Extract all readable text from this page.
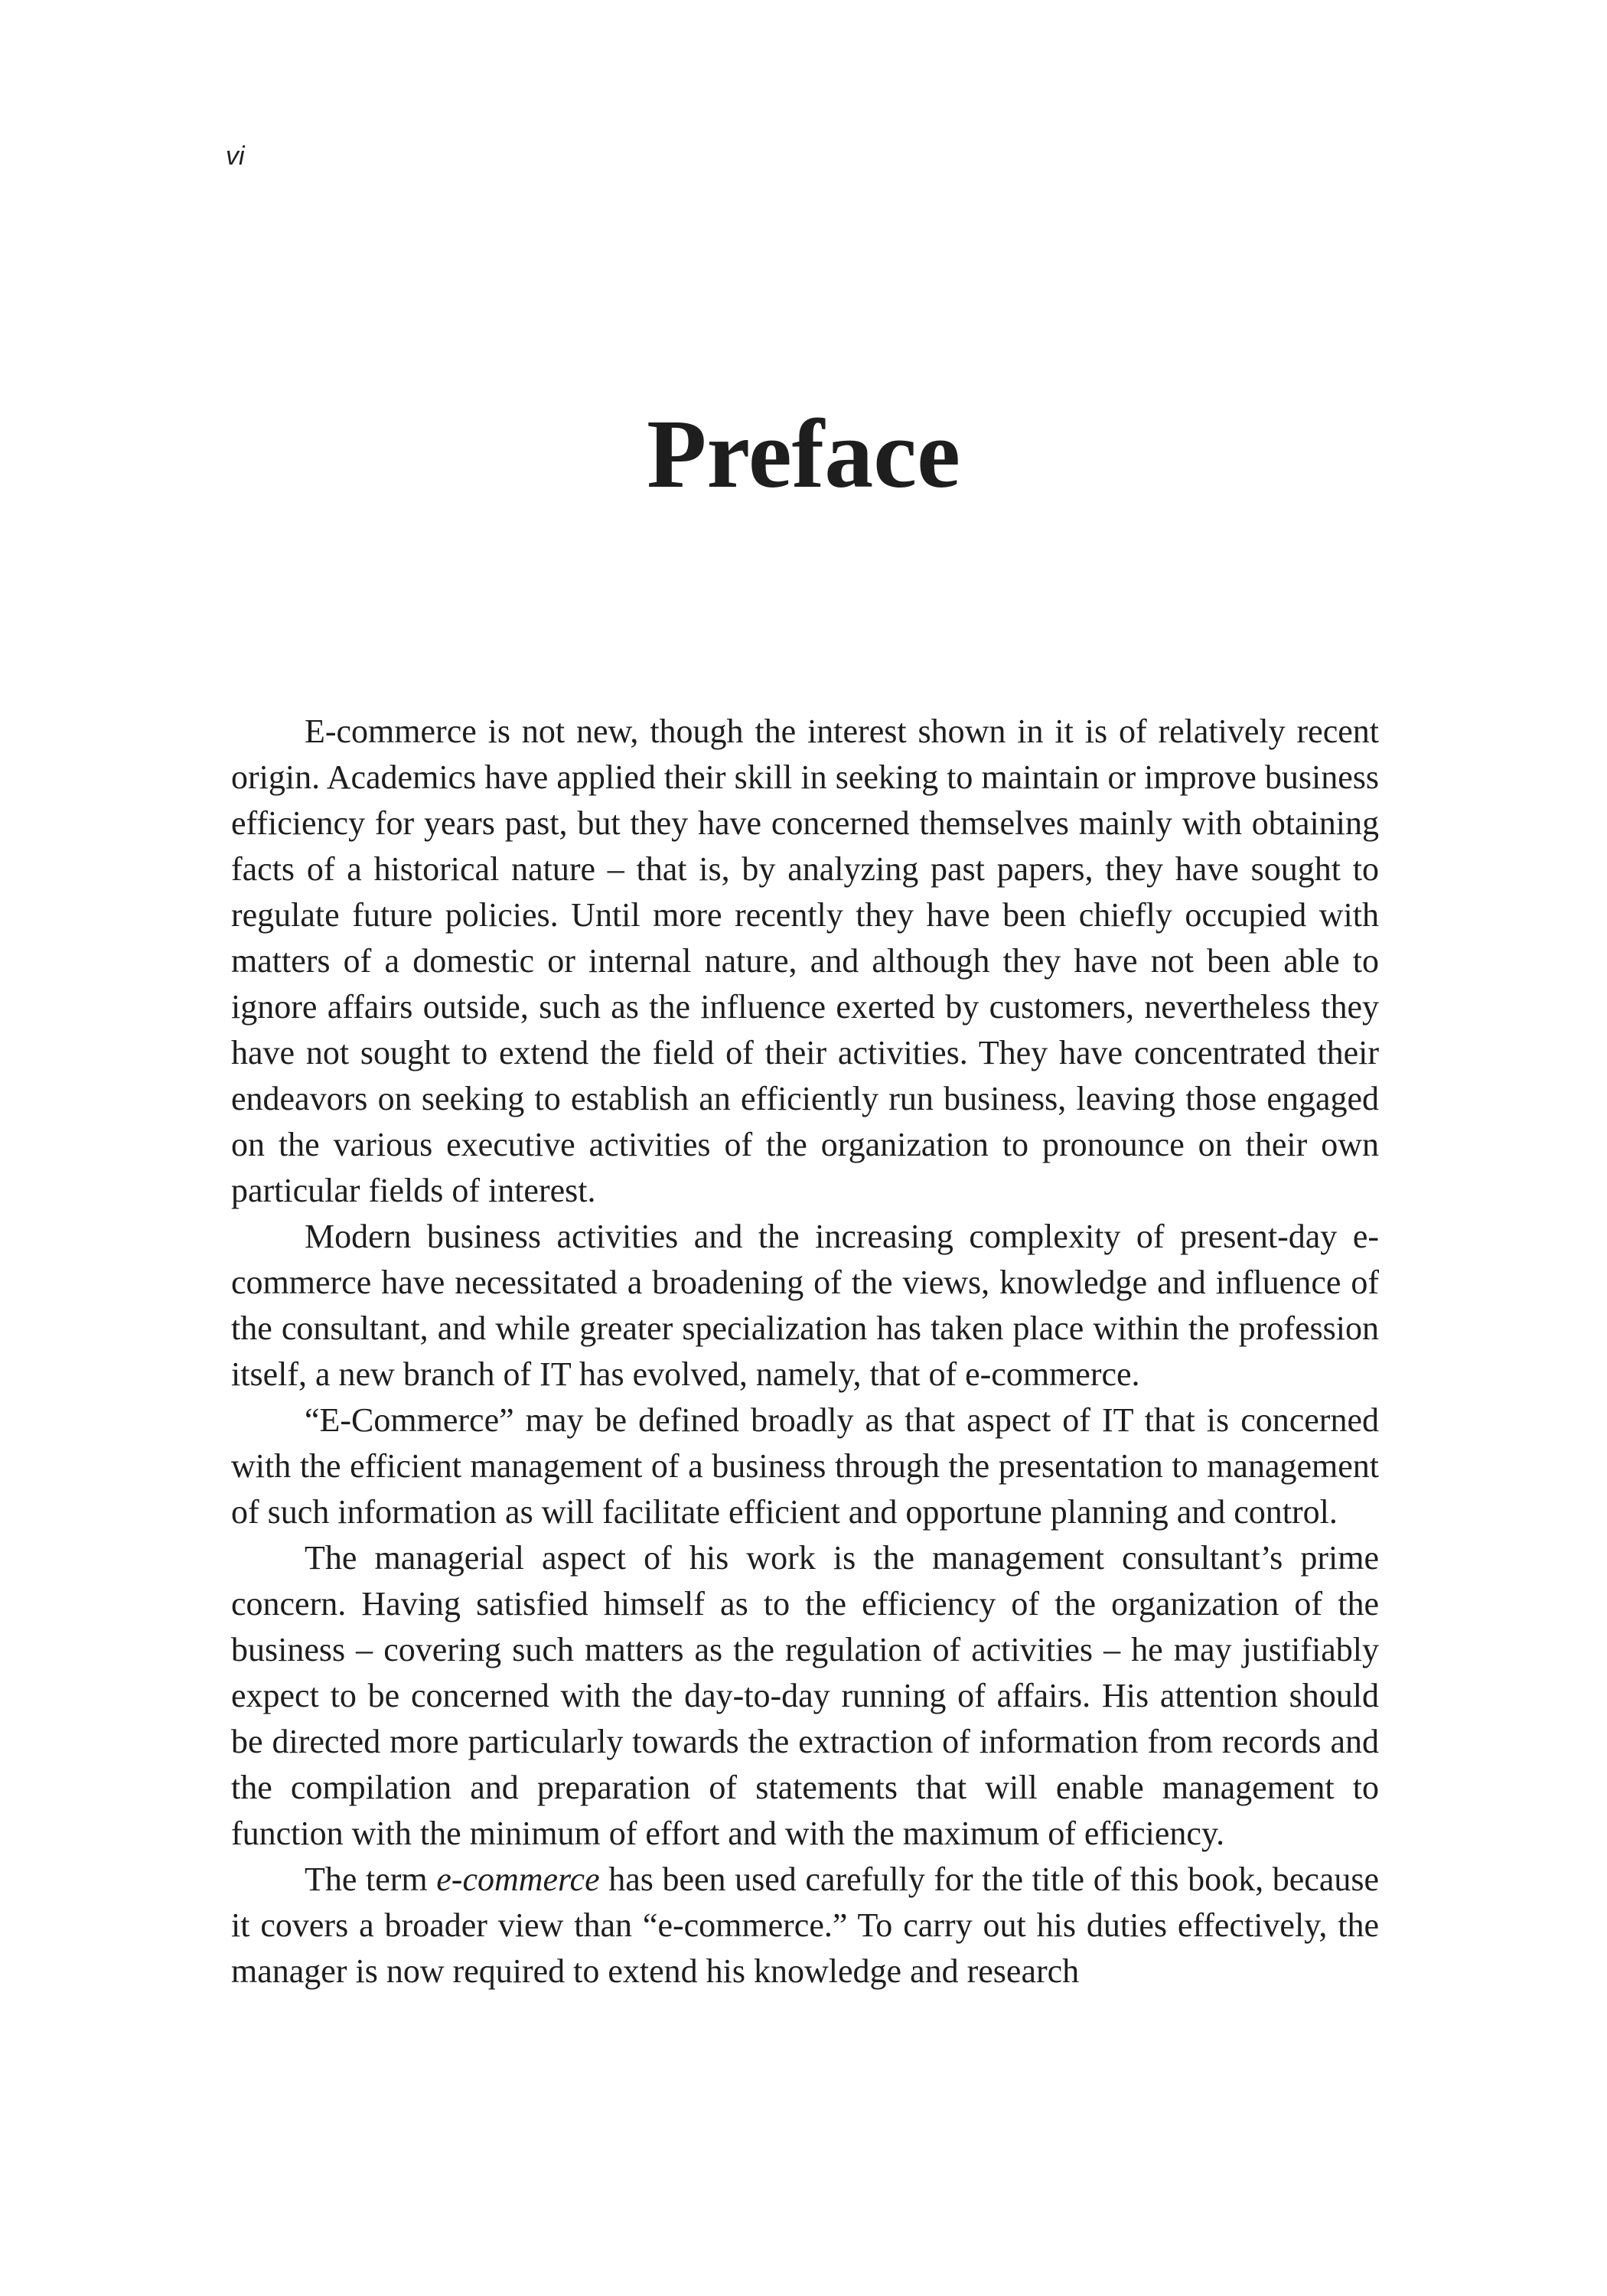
vi
Preface

E-commerce is not new, though the interest shown in it is of relatively recent origin. Academics have applied their skill in seeking to maintain or improve business efficiency for years past, but they have concerned themselves mainly with obtaining facts of a historical nature – that is, by analyzing past papers, they have sought to regulate future policies. Until more recently they have been chiefly occupied with matters of a domestic or internal nature, and although they have not been able to ignore affairs outside, such as the influence exerted by customers, nevertheless they have not sought to extend the field of their activities. They have concentrated their endeavors on seeking to establish an efficiently run business, leaving those engaged on the various executive activities of the organization to pronounce on their own particular fields of interest.

Modern business activities and the increasing complexity of present-day e-commerce have necessitated a broadening of the views, knowledge and influence of the consultant, and while greater specialization has taken place within the profession itself, a new branch of IT has evolved, namely, that of e-commerce.

“E-Commerce” may be defined broadly as that aspect of IT that is concerned with the efficient management of a business through the presentation to management of such information as will facilitate efficient and opportune planning and control.

The managerial aspect of his work is the management consultant’s prime concern. Having satisfied himself as to the efficiency of the organization of the business – covering such matters as the regulation of activities – he may justifiably expect to be concerned with the day-to-day running of affairs. His attention should be directed more particularly towards the extraction of information from records and the compilation and preparation of statements that will enable management to function with the minimum of effort and with the maximum of efficiency.

The term e-commerce has been used carefully for the title of this book, because it covers a broader view than “e-commerce.” To carry out his duties effectively, the manager is now required to extend his knowledge and research
